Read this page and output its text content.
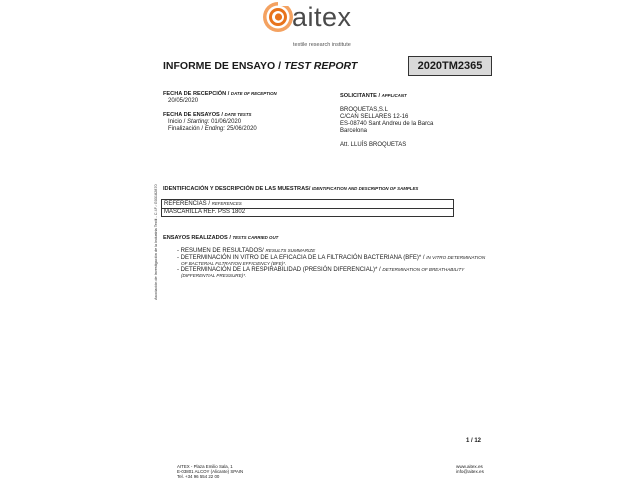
aitex
textile research institute
INFORME DE ENSAYO / TEST REPORT	2020TM2365
FECHA DE RECEPCIÓN / DATE OF RECEPTION
20/05/2020
FECHA DE ENSAYOS / DATE TESTS
Inicio / Starting: 01/06/2020
Finalización / Ending: 25/06/2020
SOLICITANTE / APPLICANT
BROQUETAS,S.L
C/CAN SELLARES 12-16
ES-08740 Sant Andreu de la Barca
Barcelona
Att. LLUÍS BROQUETAS
Asociación de Investigación de la Industria Textil - C.I.F.: G03182870 IDENTIFICACIÓN Y DESCRIPCIÓN DE LAS MUESTRAS/ IDENTIFICATION AND DESCRIPTION OF SAMPLES
REFERENCIAS / REFERENCES
MASCARILLA REF. PSS 1802
ENSAYOS REALIZADOS / TESTS CARRIED OUT
- RESUMEN DE RESULTADOS/ RESULTS SUMMARIZE
- DETERMINACIÓN IN VITRO DE LA EFICACIA DE LA FILTRACIÓN BACTERIANA (BFE)* / IN VITRO DETERMINATION
OF BACTERIAL FILTRATION EFFICIENCY (BFE)*.
- DETERMINACIÓN DE LA RESPIRABILIDAD (PRESIÓN DIFERENCIAL)* / DETERMINATION OF BREATHABILITY
(DIFFERENTIAL PRESSURE)*.
1 / 12
AITEX - Plaza Emilio Sala, 1
E-03801 ALCOY (Alicante) SPAIN
Tel. +34 96 554 22 00
www.aitex.es
info@aitex.es
